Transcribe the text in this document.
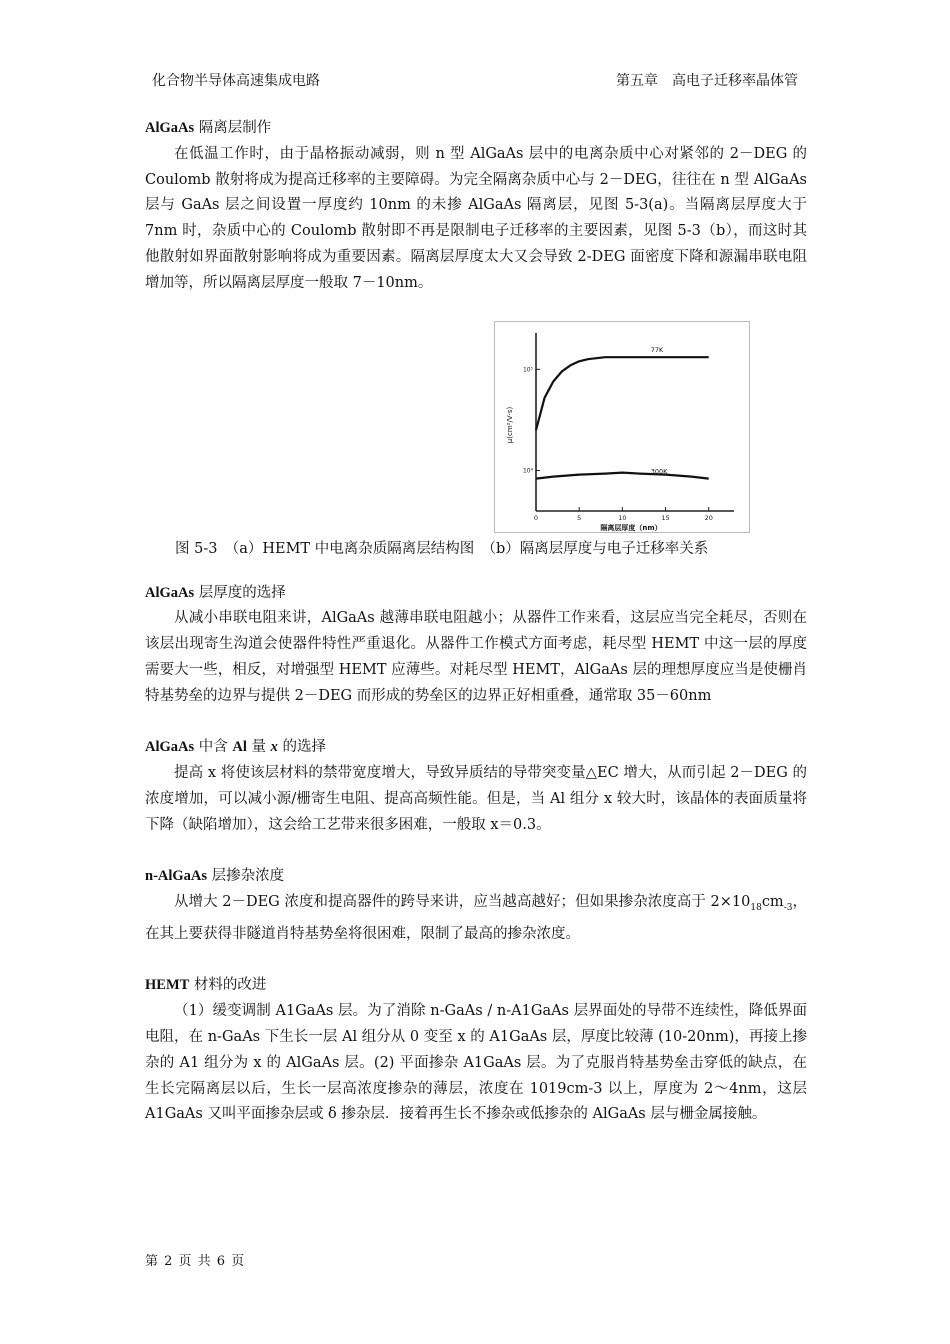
化合物半导体高速集成电路	第五章　高电子迁移率晶体管

AlGaAs 隔离层制作

在低温工作时，由于晶格振动减弱，则 n 型 AlGaAs 层中的电离杂质中心对紧邻的 2－DEG 的 Coulomb 散射将成为提高迁移率的主要障碍。为完全隔离杂质中心与 2－DEG，往往在 n 型 AlGaAs 层与 GaAs 层之间设置一厚度约 10nm 的未掺 AlGaAs 隔离层，见图 5-3(a)。当隔离层厚度大于 7nm 时，杂质中心的 Coulomb 散射即不再是限制电子迁移率的主要因素，见图 5-3（b），而这时其他散射如界面散射影响将成为重要因素。隔离层厚度太大又会导致 2-DEG 面密度下降和源漏串联电阻增加等，所以隔离层厚度一般取 7－10nm。

0	5	10	15	20
10⁵
10⁴
隔离层厚度（nm）
μ(cm²/V·s)
77K
300K
图 5-3　（a）HEMT 中电离杂质隔离层结构图　（b）隔离层厚度与电子迁移率关系

AlGaAs 层厚度的选择

从减小串联电阻来讲，AlGaAs 越薄串联电阻越小；从器件工作来看，这层应当完全耗尽，否则在该层出现寄生沟道会使器件特性严重退化。从器件工作模式方面考虑，耗尽型 HEMT 中这一层的厚度需要大一些，相反，对增强型 HEMT 应薄些。对耗尽型 HEMT，AlGaAs 层的理想厚度应当是使栅肖特基势垒的边界与提供 2－DEG 而形成的势垒区的边界正好相重叠，通常取 35－60nm

AlGaAs 中含 Al 量 x 的选择

提高 x 将使该层材料的禁带宽度增大，导致异质结的导带突变量△EC 增大，从而引起 2－DEG 的浓度增加，可以减小源/栅寄生电阻、提高高频性能。但是，当 Al 组分 x 较大时，该晶体的表面质量将下降（缺陷增加），这会给工艺带来很多困难，一般取 x＝0.3。

n-AlGaAs 层掺杂浓度

从增大 2－DEG 浓度和提高器件的跨导来讲，应当越高越好；但如果掺杂浓度高于 $2\times 10_{18}cm_{-3}$，在其上要获得非隧道肖特基势垒将很困难，限制了最高的掺杂浓度。

HEMT 材料的改进

（1）缓变调制 A1GaAs 层。为了消除 n-GaAs / n-A1GaAs 层界面处的导带不连续性，降低界面电阻，在 n-GaAs 下生长一层 Al 组分从 0 变至 x 的 A1GaAs 层，厚度比较薄 (10-20nm)，再接上掺杂的 A1 组分为 x 的 AlGaAs 层。(2) 平面掺杂 A1GaAs 层。为了克服肖特基势垒击穿低的缺点，在生长完隔离层以后，生长一层高浓度掺杂的薄层，浓度在 1019cm-3 以上，厚度为 2～4nm，这层 A1GaAs 又叫平面掺杂层或 δ 掺杂层．接着再生长不掺杂或低掺杂的 AlGaAs 层与栅金属接触。

第 2 页 共 6 页
